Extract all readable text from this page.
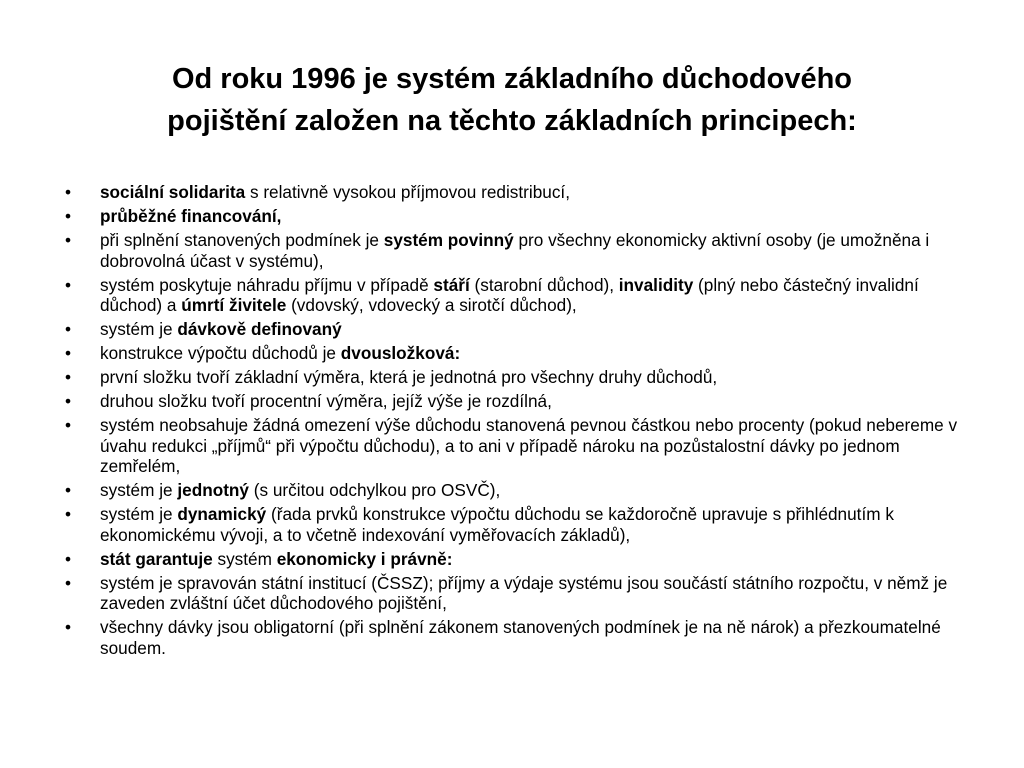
Od roku 1996 je systém základního důchodového
pojištění založen na těchto základních principech:
•	sociální solidarita s relativně vysokou příjmovou redistribucí,
•	průběžné financování,
•	při splnění stanovených podmínek je systém povinný pro všechny ekonomicky aktivní osoby (je umožněna i dobrovolná účast v systému),
•	systém poskytuje náhradu příjmu v případě stáří (starobní důchod), invalidity (plný nebo částečný invalidní důchod) a úmrtí živitele (vdovský, vdovecký a sirotčí důchod),
•	systém je dávkově definovaný
•	konstrukce výpočtu důchodů je dvousložková:
•	první složku tvoří základní výměra, která je jednotná pro všechny druhy důchodů,
•	druhou složku tvoří procentní výměra, jejíž výše je rozdílná,
•	systém neobsahuje žádná omezení výše důchodu stanovená pevnou částkou nebo procenty (pokud nebereme v úvahu redukci „příjmů“ při výpočtu důchodu), a to ani v případě nároku na pozůstalostní dávky po jednom zemřelém,
•	systém je jednotný (s určitou odchylkou pro OSVČ),
•	systém je dynamický (řada prvků konstrukce výpočtu důchodu se každoročně upravuje s přihlédnutím k ekonomickému vývoji, a to včetně indexování vyměřovacích základů),
•	stát garantuje systém ekonomicky i právně:
•	systém je spravován státní institucí (ČSSZ); příjmy a výdaje systému jsou součástí státního rozpočtu, v němž je zaveden zvláštní účet důchodového pojištění,
•	všechny dávky jsou obligatorní (při splnění zákonem stanovených podmínek je na ně nárok) a přezkoumatelné soudem.
